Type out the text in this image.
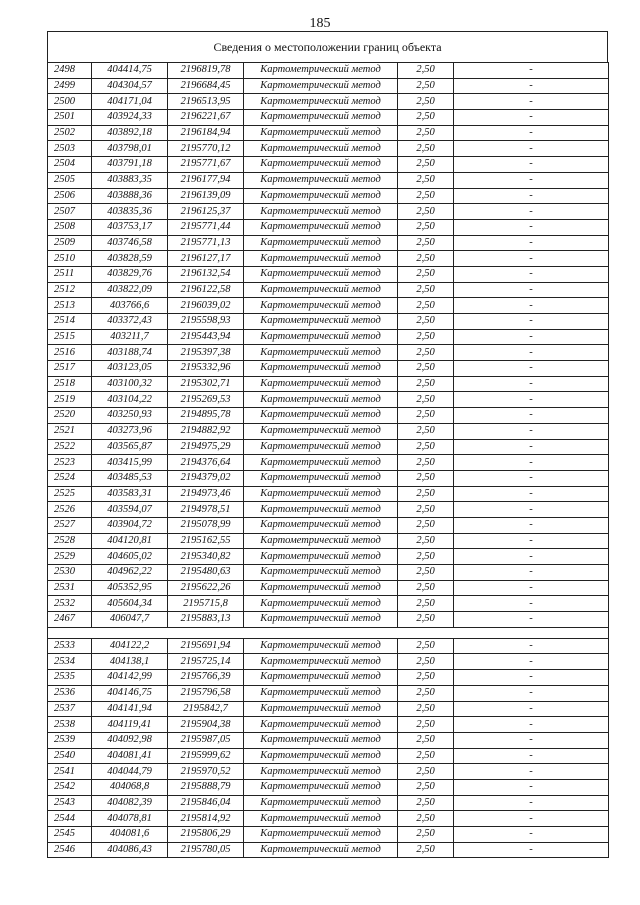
185
Сведения о местоположении границ объекта
2498	404414,75	2196819,78	Картометрический метод	2,50	-
2499	404304,57	2196684,45	Картометрический метод	2,50	-
2500	404171,04	2196513,95	Картометрический метод	2,50	-
2501	403924,33	2196221,67	Картометрический метод	2,50	-
2502	403892,18	2196184,94	Картометрический метод	2,50	-
2503	403798,01	2195770,12	Картометрический метод	2,50	-
2504	403791,18	2195771,67	Картометрический метод	2,50	-
2505	403883,35	2196177,94	Картометрический метод	2,50	-
2506	403888,36	2196139,09	Картометрический метод	2,50	-
2507	403835,36	2196125,37	Картометрический метод	2,50	-
2508	403753,17	2195771,44	Картометрический метод	2,50	-
2509	403746,58	2195771,13	Картометрический метод	2,50	-
2510	403828,59	2196127,17	Картометрический метод	2,50	-
2511	403829,76	2196132,54	Картометрический метод	2,50	-
2512	403822,09	2196122,58	Картометрический метод	2,50	-
2513	403766,6	2196039,02	Картометрический метод	2,50	-
2514	403372,43	2195598,93	Картометрический метод	2,50	-
2515	403211,7	2195443,94	Картометрический метод	2,50	-
2516	403188,74	2195397,38	Картометрический метод	2,50	-
2517	403123,05	2195332,96	Картометрический метод	2,50	-
2518	403100,32	2195302,71	Картометрический метод	2,50	-
2519	403104,22	2195269,53	Картометрический метод	2,50	-
2520	403250,93	2194895,78	Картометрический метод	2,50	-
2521	403273,96	2194882,92	Картометрический метод	2,50	-
2522	403565,87	2194975,29	Картометрический метод	2,50	-
2523	403415,99	2194376,64	Картометрический метод	2,50	-
2524	403485,53	2194379,02	Картометрический метод	2,50	-
2525	403583,31	2194973,46	Картометрический метод	2,50	-
2526	403594,07	2194978,51	Картометрический метод	2,50	-
2527	403904,72	2195078,99	Картометрический метод	2,50	-
2528	404120,81	2195162,55	Картометрический метод	2,50	-
2529	404605,02	2195340,82	Картометрический метод	2,50	-
2530	404962,22	2195480,63	Картометрический метод	2,50	-
2531	405352,95	2195622,26	Картометрический метод	2,50	-
2532	405604,34	2195715,8	Картометрический метод	2,50	-
2467	406047,7	2195883,13	Картометрический метод	2,50	-

2533	404122,2	2195691,94	Картометрический метод	2,50	-
2534	404138,1	2195725,14	Картометрический метод	2,50	-
2535	404142,99	2195766,39	Картометрический метод	2,50	-
2536	404146,75	2195796,58	Картометрический метод	2,50	-
2537	404141,94	2195842,7	Картометрический метод	2,50	-
2538	404119,41	2195904,38	Картометрический метод	2,50	-
2539	404092,98	2195987,05	Картометрический метод	2,50	-
2540	404081,41	2195999,62	Картометрический метод	2,50	-
2541	404044,79	2195970,52	Картометрический метод	2,50	-
2542	404068,8	2195888,79	Картометрический метод	2,50	-
2543	404082,39	2195846,04	Картометрический метод	2,50	-
2544	404078,81	2195814,92	Картометрический метод	2,50	-
2545	404081,6	2195806,29	Картометрический метод	2,50	-
2546	404086,43	2195780,05	Картометрический метод	2,50	-
